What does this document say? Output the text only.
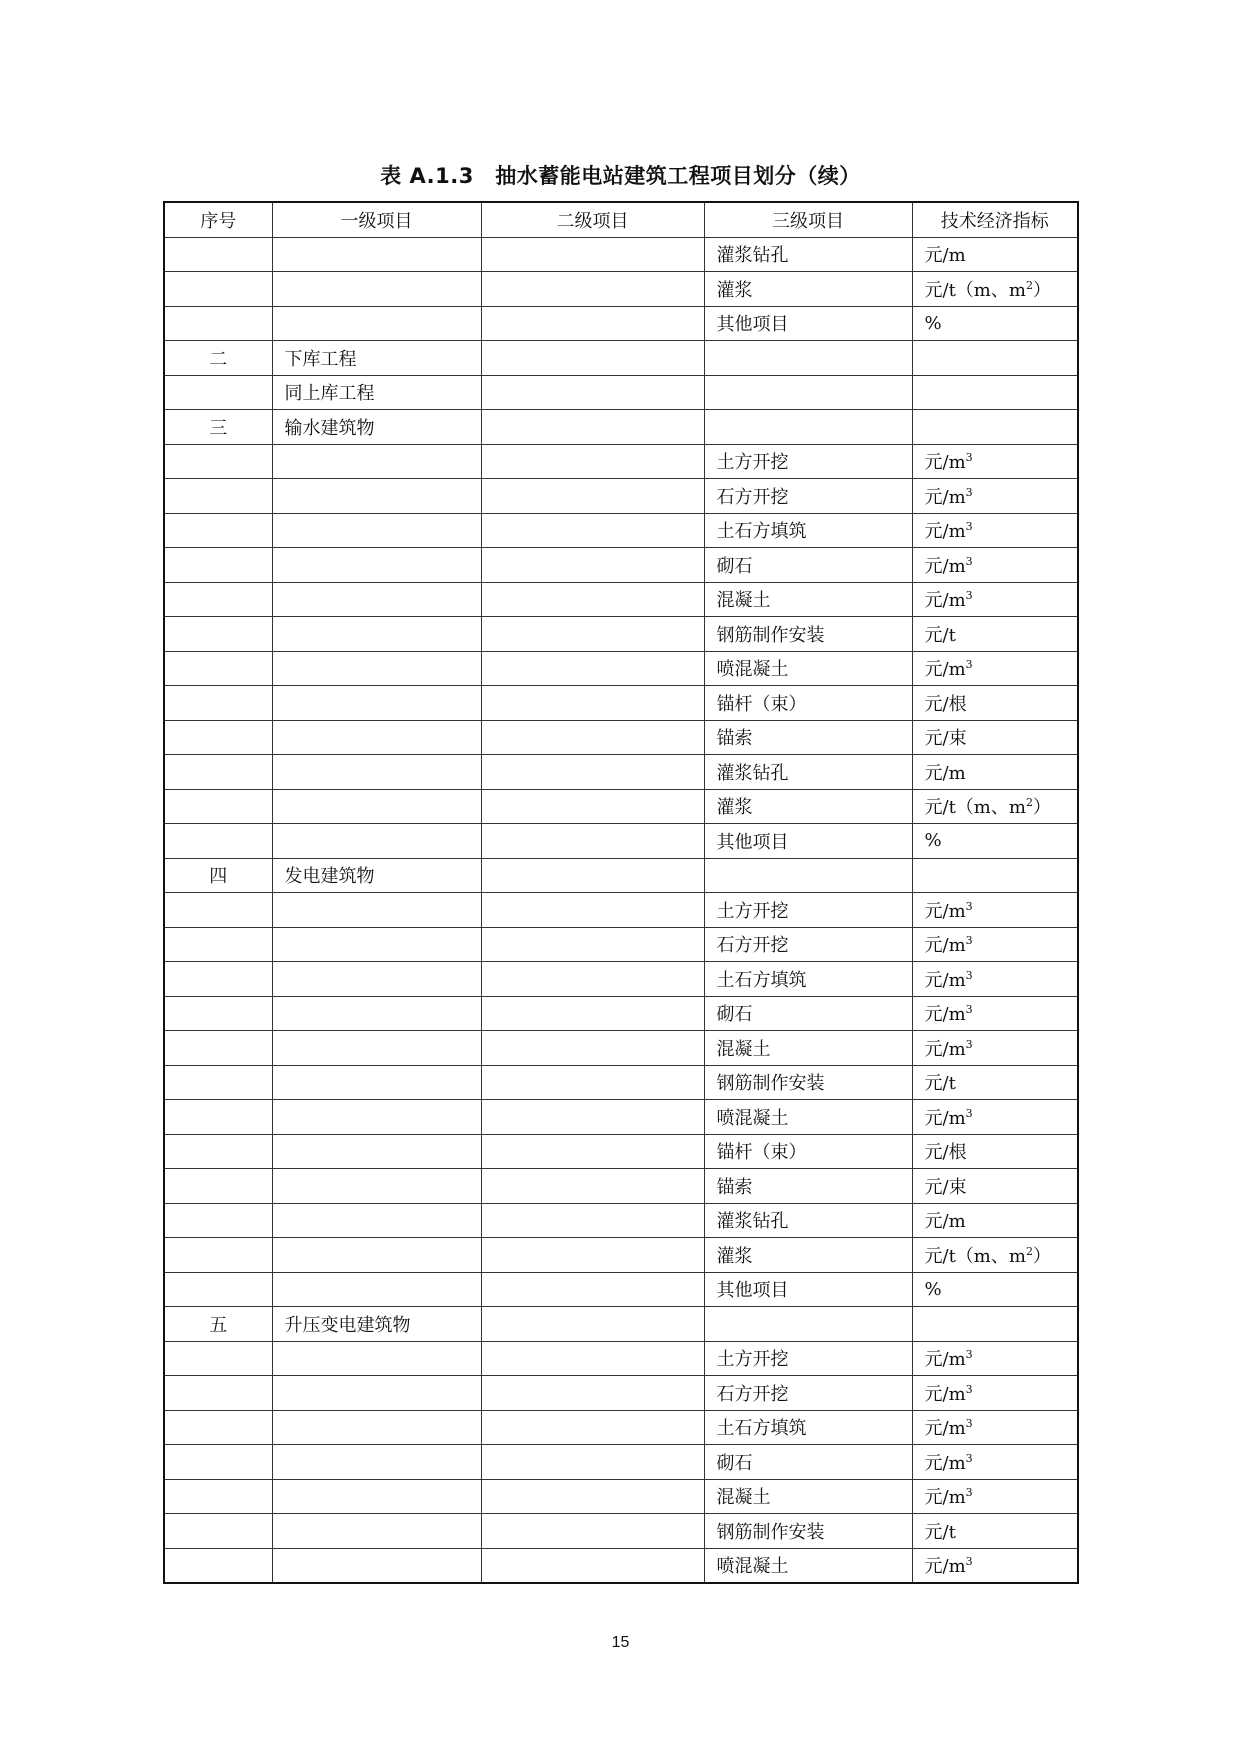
表 A.1.3　抽水蓄能电站建筑工程项目划分（续）
序号	一级项目	二级项目	三级项目	技术经济指标
			灌浆钻孔	元/m
			灌浆	元/t（m、$m^2$）
			其他项目	%
二	下库工程			
	同上库工程			
三	输水建筑物			
			土方开挖	元$/m^3$
			石方开挖	元$/m^3$
			土石方填筑	元$/m^3$
			砌石	元$/m^3$
			混凝土	元$/m^3$
			钢筋制作安装	元/t
			喷混凝土	元$/m^3$
			锚杆（束）	元/根
			锚索	元/束
			灌浆钻孔	元/m
			灌浆	元/t（m、$m^2$）
			其他项目	%
四	发电建筑物			
			土方开挖	元$/m^3$
			石方开挖	元$/m^3$
			土石方填筑	元$/m^3$
			砌石	元$/m^3$
			混凝土	元$/m^3$
			钢筋制作安装	元/t
			喷混凝土	元$/m^3$
			锚杆（束）	元/根
			锚索	元/束
			灌浆钻孔	元/m
			灌浆	元/t（m、$m^2$）
			其他项目	%
五	升压变电建筑物			
			土方开挖	元$/m^3$
			石方开挖	元$/m^3$
			土石方填筑	元$/m^3$
			砌石	元$/m^3$
			混凝土	元$/m^3$
			钢筋制作安装	元/t
			喷混凝土	元$/m^3$
15
